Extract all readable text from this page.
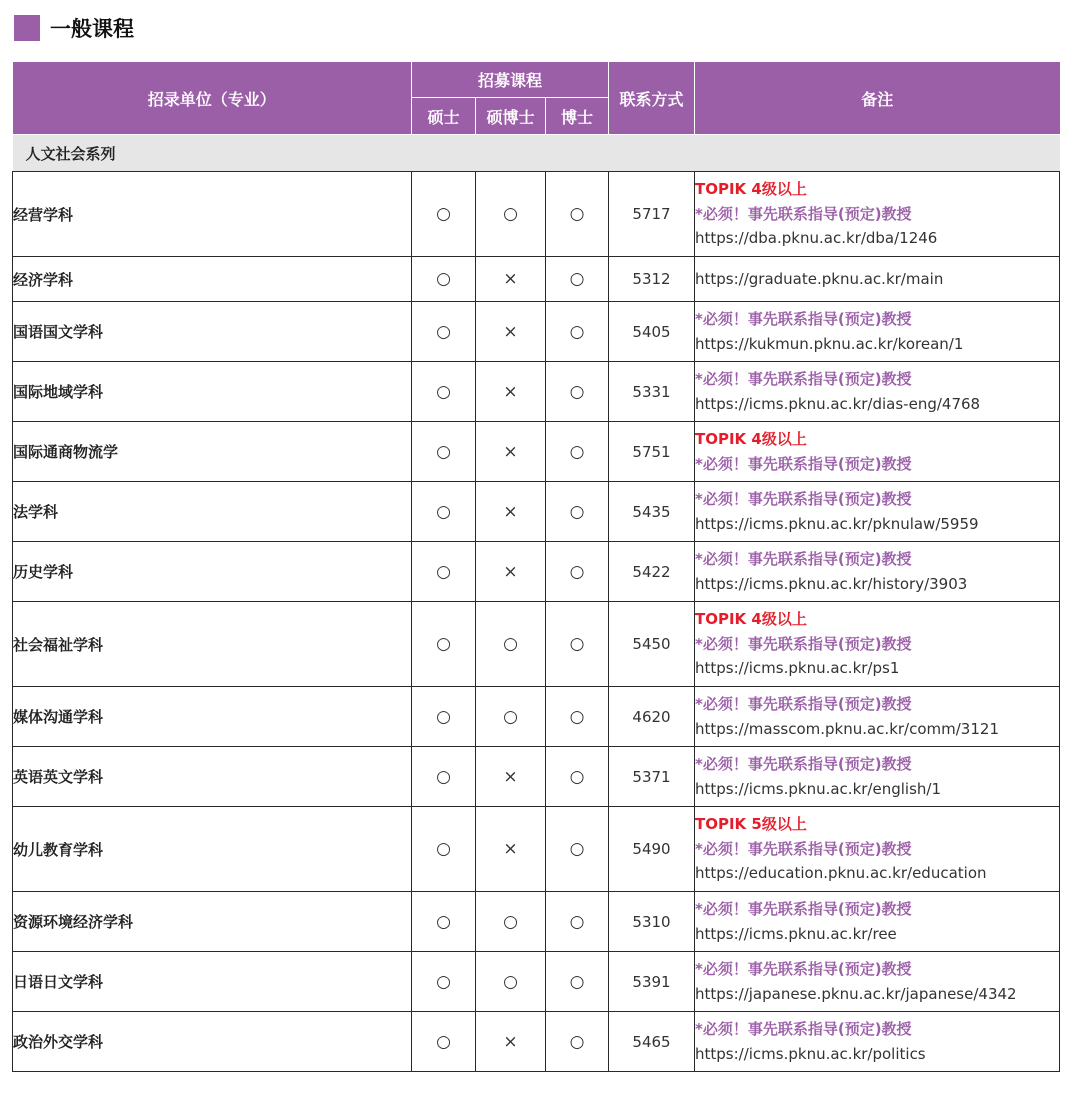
一般课程
招录单位（专业）	招募课程			联系方式	备注
	硕士	硕博士	博士		
人文社会系列					
经营学科	○	○	○	5717	TOPIK 4级以上
*必须！事先联系指导(预定)教授
https://dba.pknu.ac.kr/dba/1246

经济学科	○	×	○	5312	https://graduate.pknu.ac.kr/main

国语国文学科	○	×	○	5405	*必须！事先联系指导(预定)教授
https://kukmun.pknu.ac.kr/korean/1

国际地域学科	○	×	○	5331	*必须！事先联系指导(预定)教授
https://icms.pknu.ac.kr/dias-eng/4768

国际通商物流学	○	×	○	5751	TOPIK 4级以上
*必须！事先联系指导(预定)教授

法学科	○	×	○	5435	*必须！事先联系指导(预定)教授
https://icms.pknu.ac.kr/pknulaw/5959

历史学科	○	×	○	5422	*必须！事先联系指导(预定)教授
https://icms.pknu.ac.kr/history/3903

社会福祉学科	○	○	○	5450	TOPIK 4级以上
*必须！事先联系指导(预定)教授
https://icms.pknu.ac.kr/ps1

媒体沟通学科	○	○	○	4620	*必须！事先联系指导(预定)教授
https://masscom.pknu.ac.kr/comm/3121

英语英文学科	○	×	○	5371	*必须！事先联系指导(预定)教授
https://icms.pknu.ac.kr/english/1

幼儿教育学科	○	×	○	5490	TOPIK 5级以上
*必须！事先联系指导(预定)教授
https://education.pknu.ac.kr/education

资源环境经济学科	○	○	○	5310	*必须！事先联系指导(预定)教授
https://icms.pknu.ac.kr/ree

日语日文学科	○	○	○	5391	*必须！事先联系指导(预定)教授
https://japanese.pknu.ac.kr/japanese/4342

政治外交学科	○	×	○	5465	*必须！事先联系指导(预定)教授
https://icms.pknu.ac.kr/politics
